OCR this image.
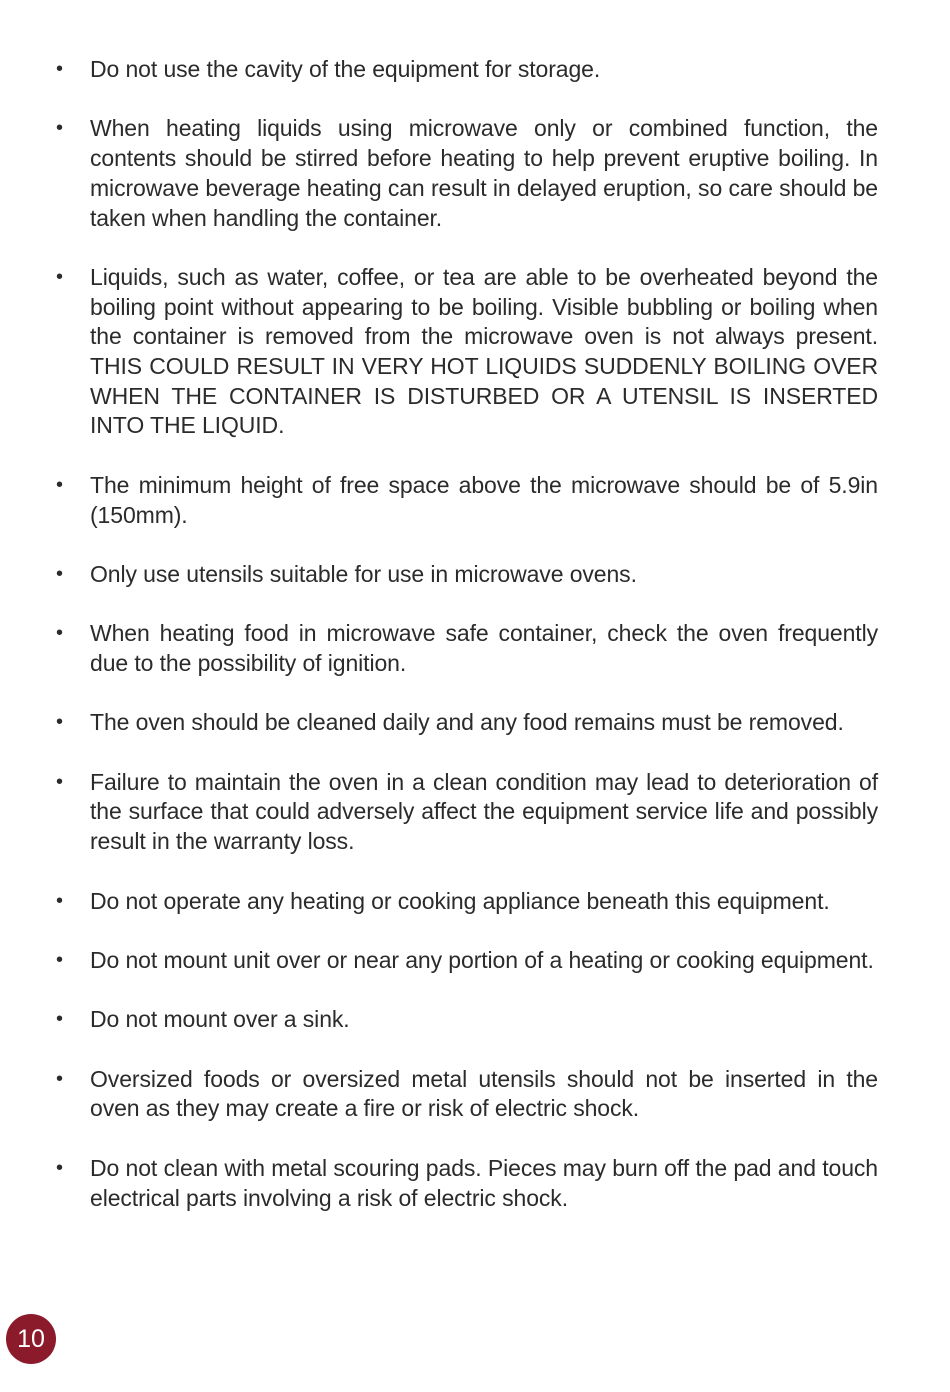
• Do not use the cavity of the equipment for storage.
• When heating liquids using microwave only or combined function, the contents should be stirred before heating to help prevent eruptive boiling. In microwave beverage heating can result in delayed eruption, so care should be taken when handling the container.
• Liquids, such as water, coffee, or tea are able to be overheated beyond the boiling point without appearing to be boiling. Visible bubbling or boiling when the container is removed from the microwave oven is not always present. THIS COULD RESULT IN VERY HOT LIQUIDS SUDDENLY BOILING OVER WHEN THE CONTAINER IS DISTURBED OR A UTENSIL IS INSERTED INTO THE LIQUID.
• The minimum height of free space above the microwave should be of 5.9in (150mm).
• Only use utensils suitable for use in microwave ovens.
• When heating food in microwave safe container, check the oven frequently due to the possibility of ignition.
• The oven should be cleaned daily and any food remains must be removed.
• Failure to maintain the oven in a clean condition may lead to deterioration of the surface that could adversely affect the equipment service life and possibly result in the warranty loss.
• Do not operate any heating or cooking appliance beneath this equipment.
• Do not mount unit over or near any portion of a heating or cooking equipment.
• Do not mount over a sink.
• Oversized foods or oversized metal utensils should not be inserted in the oven as they may create a fire or risk of electric shock.
• Do not clean with metal scouring pads. Pieces may burn off the pad and touch electrical parts involving a risk of electric shock.
10
